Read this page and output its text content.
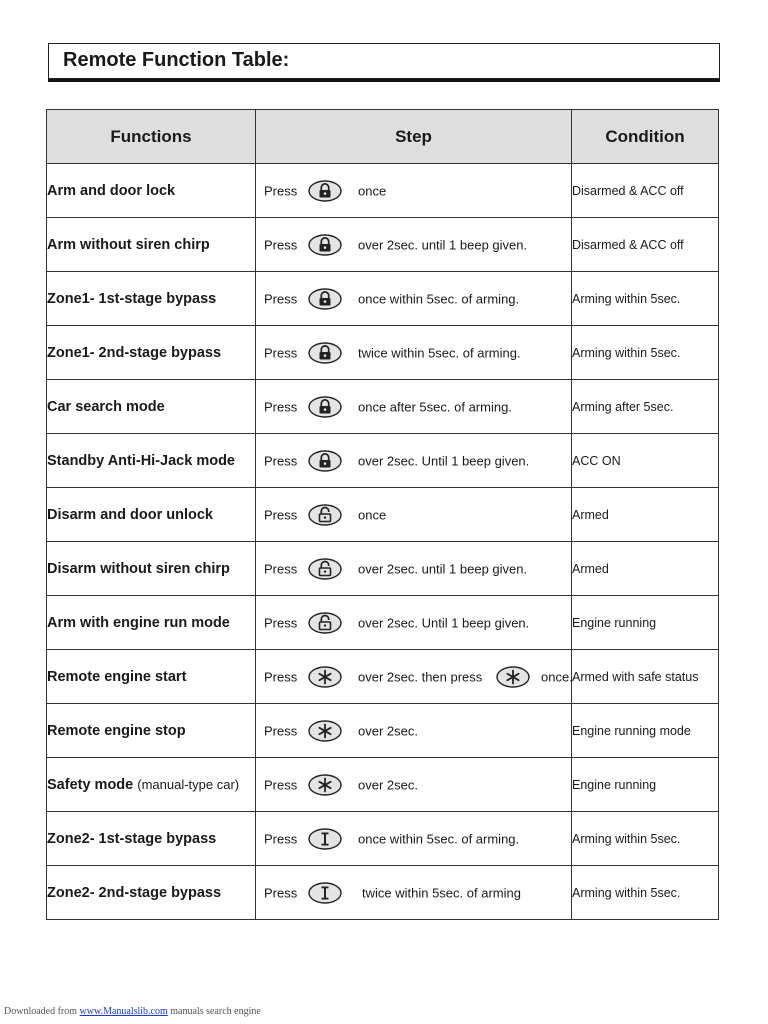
Remote Function Table:
Functions	Step	Condition
Arm and door lock	Press once	Disarmed & ACC off
Arm without siren chirp	Press over 2sec. until 1 beep given.	Disarmed & ACC off
Zone1- 1st-stage bypass	Press once within 5sec. of arming.	Arming within 5sec.
Zone1- 2nd-stage bypass	Press twice within 5sec. of arming.	Arming within 5sec.
Car search mode	Press once after 5sec. of arming.	Arming after 5sec.
Standby Anti-Hi-Jack mode	Press over 2sec. Until 1 beep given.	ACC ON
Disarm and door unlock	Press once	Armed
Disarm without siren chirp	Press over 2sec. until 1 beep given.	Armed
Arm with engine run mode	Press over 2sec. Until 1 beep given.	Engine running
Remote engine start	Press over 2sec. then press once.	Armed with safe status
Remote engine stop	Press over 2sec.	Engine running mode
Safety mode (manual-type car)	Press over 2sec.	Engine running
Zone2- 1st-stage bypass	Press once within 5sec. of arming.	Arming within 5sec.
Zone2- 2nd-stage bypass	Press twice within 5sec. of arming	Arming within 5sec.
Downloaded from www.Manualslib.com manuals search engine
